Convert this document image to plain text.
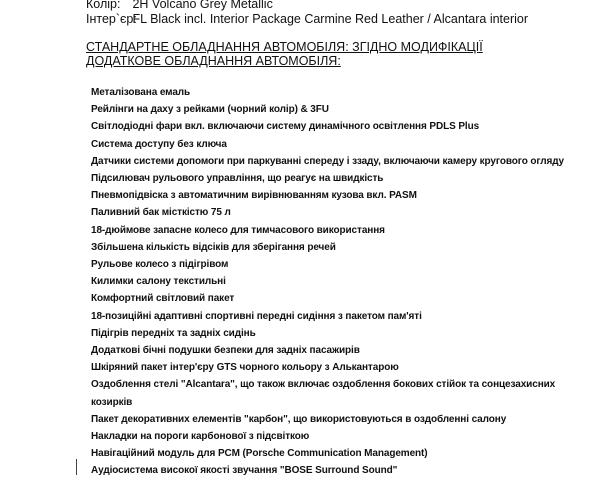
Колір: 2H Volcano Grey Metallic
Інтер`єр: FL Black incl. Interior Package Carmine Red Leather / Alcantara interior
СТАНДАРТНЕ ОБЛАДНАННЯ АВТОМОБІЛЯ: ЗГІДНО МОДИФІКАЦІЇ
ДОДАТКОВЕ ОБЛАДНАННЯ АВТОМОБІЛЯ:
Металізована емаль
Рейлінги на даху з рейками (чорний колір) & 3FU
Світлодіодні фари вкл. включаючи систему динамічного освітлення PDLS Plus
Система доступу без ключа
Датчики системи допомоги при паркуванні спереду і ззаду, включаючи камеру кругового огляду
Підсилювач рульового управління, що реагує на швидкість
Пневмопідвіска з автоматичним вирівнюванням кузова вкл. PASM
Паливний бак місткістю 75 л
18-дюймове запасне колесо для тимчасового використання
Збільшена кількість відсіків для зберігання речей
Рульове колесо з підігрівом
Килимки салону текстильні
Комфортний світловий пакет
18-позиційні адаптивні спортивні передні сидіння з пакетом пам'яті
Підігрів передніх та задніх сидінь
Додаткові бічні подушки безпеки для задніх пасажирів
Шкіряний пакет інтер'єру GTS чорного кольору з Алькантарою
Оздоблення стелі "Alcantara", що також включає оздоблення бокових стійок та сонцезахисних козирків
Пакет декоративних елементів "карбон", що використовуються в оздобленні салону
Накладки на пороги карбонової з підсвіткою
Навігаційний модуль для PCM (Porsche Communication Management)
Аудіосистема високої якості звучання "BOSE Surround Sound"
